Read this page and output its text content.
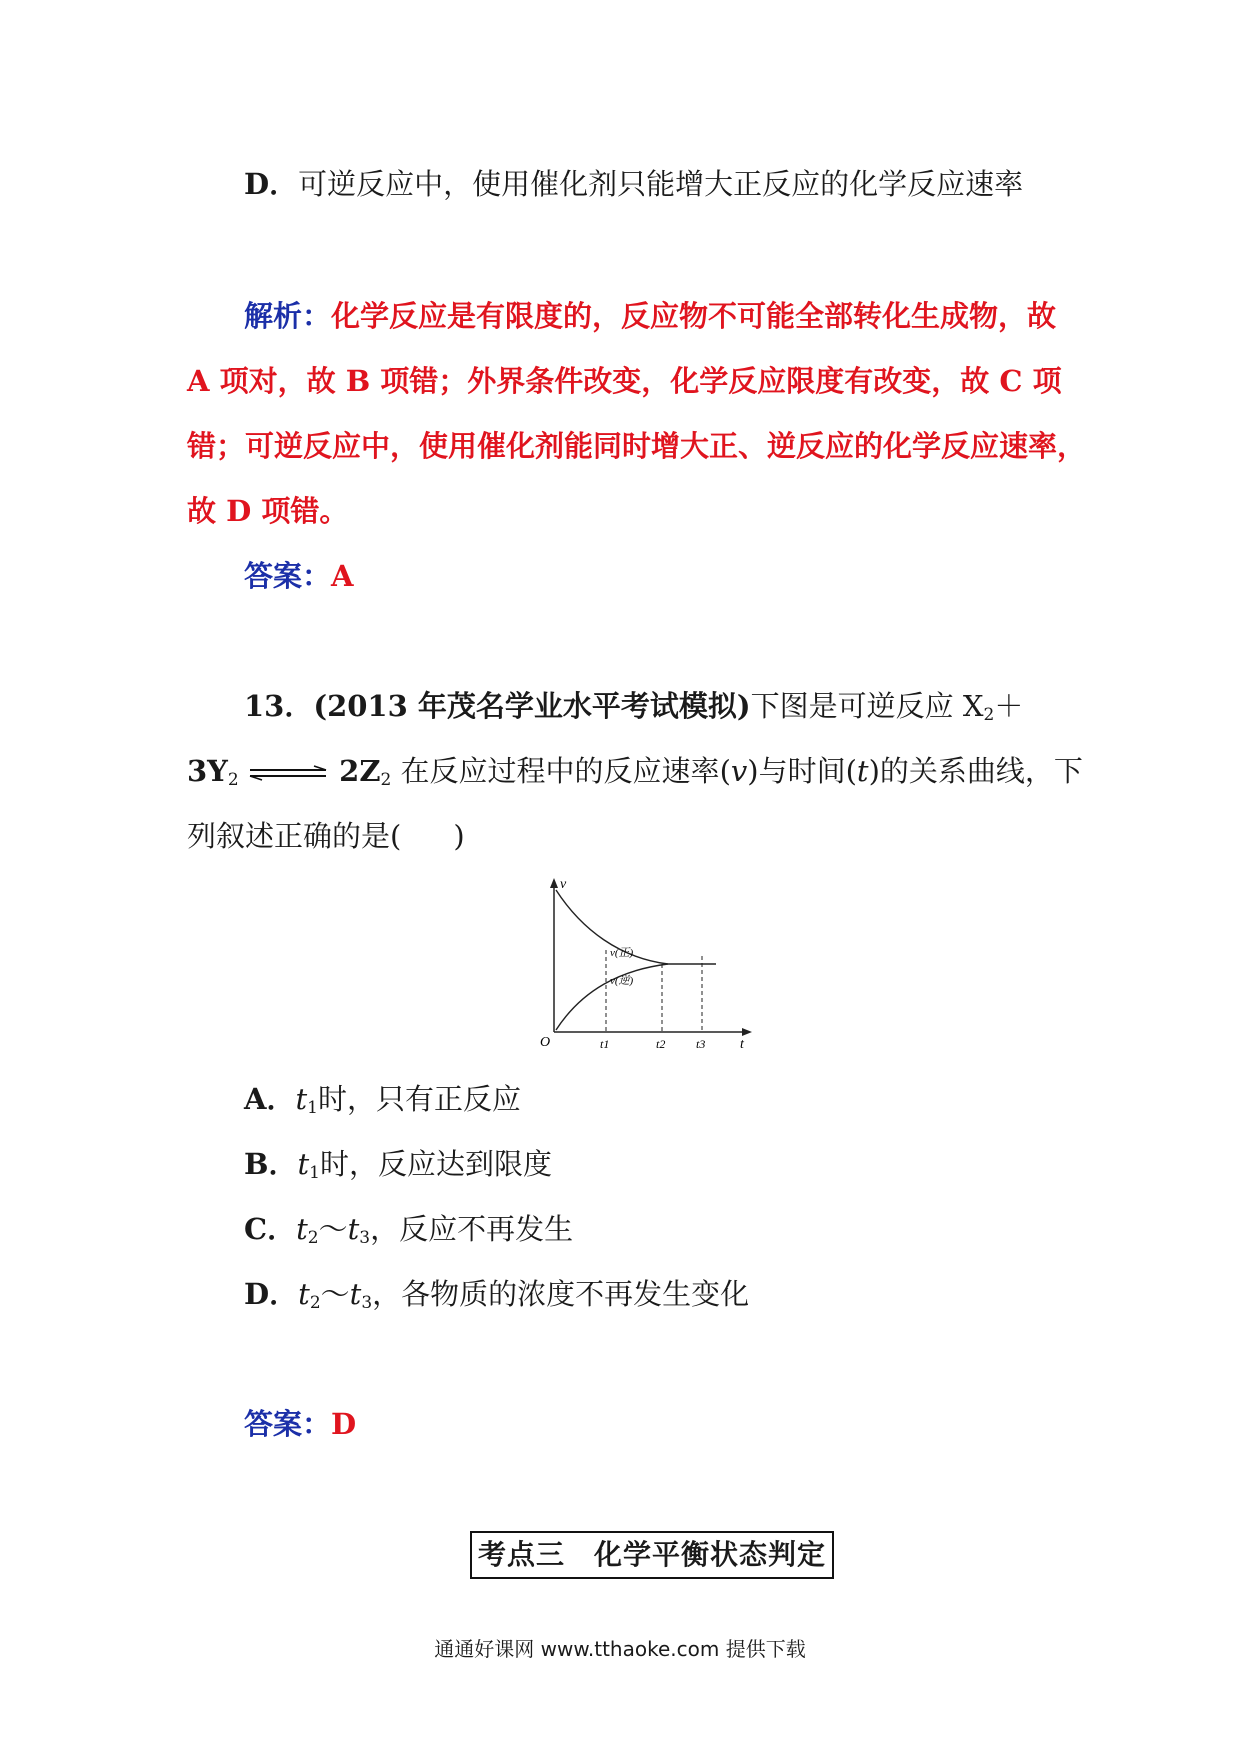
D．可逆反应中，使用催化剂只能增大正反应的化学反应速率
解析：化学反应是有限度的，反应物不可能全部转化生成物，故
A 项对，故 B 项错；外界条件改变，化学反应限度有改变，故 C 项
错；可逆反应中，使用催化剂能同时增大正、逆反应的化学反应速率，
故 D 项错。
答案：A
13．(2013 年茂名学业水平考试模拟)下图是可逆反应 $X_2+$
$3Y_2$ ⇌ $2Z_2$ 在反应过程中的反应速率(v)与时间(t)的关系曲线，下
列叙述正确的是( )
v
t
O
v(正)
v(逆)
t1	t2	t3
A．$t_1$时，只有正反应
B．$t_1$时，反应达到限度
C．$t_2\sim t_3$，反应不再发生
D．$t_2\sim t_3$，各物质的浓度不再发生变化
答案：D
考点三　化学平衡状态判定
通通好课网 www.tthaoke.com 提供下载
